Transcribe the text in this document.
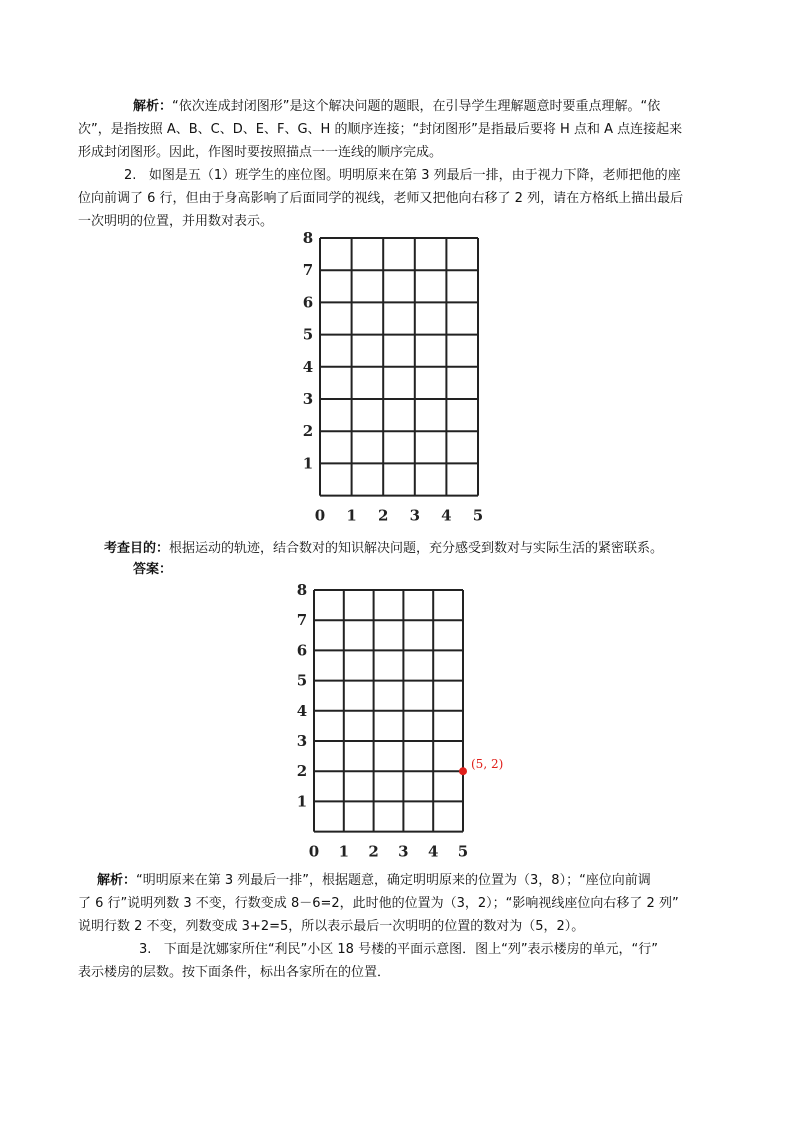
解析：“依次连成封闭图形”是这个解决问题的题眼，在引导学生理解题意时要重点理解。“依
次”，是指按照 A、B、C、D、E、F、G、H 的顺序连接；“封闭图形”是指最后要将 H 点和 A 点连接起来
形成封闭图形。因此，作图时要按照描点一一连线的顺序完成。
2. 如图是五（1）班学生的座位图。明明原来在第 3 列最后一排，由于视力下降，老师把他的座
位向前调了 6 行，但由于身高影响了后面同学的视线，老师又把他向右移了 2 列，请在方格纸上描出最后
一次明明的位置，并用数对表示。
0 1 2 3 4 5
1
2
3
4
5
6
7
8
考查目的：根据运动的轨迹，结合数对的知识解决问题，充分感受到数对与实际生活的紧密联系。
答案：
0 1 2 3 4 5
1
2
3
4
5
6
7
8
(5, 2)
解析：“明明原来在第 3 列最后一排”，根据题意，确定明明原来的位置为（3，8）；“座位向前调
了 6 行”说明列数 3 不变，行数变成 8－6=2，此时他的位置为（3，2）；“影响视线座位向右移了 2 列”
说明行数 2 不变，列数变成 3+2=5，所以表示最后一次明明的位置的数对为（5，2）。
3. 下面是沈娜家所住“利民”小区 18 号楼的平面示意图．图上“列”表示楼房的单元，“行”
表示楼房的层数。按下面条件，标出各家所在的位置．
